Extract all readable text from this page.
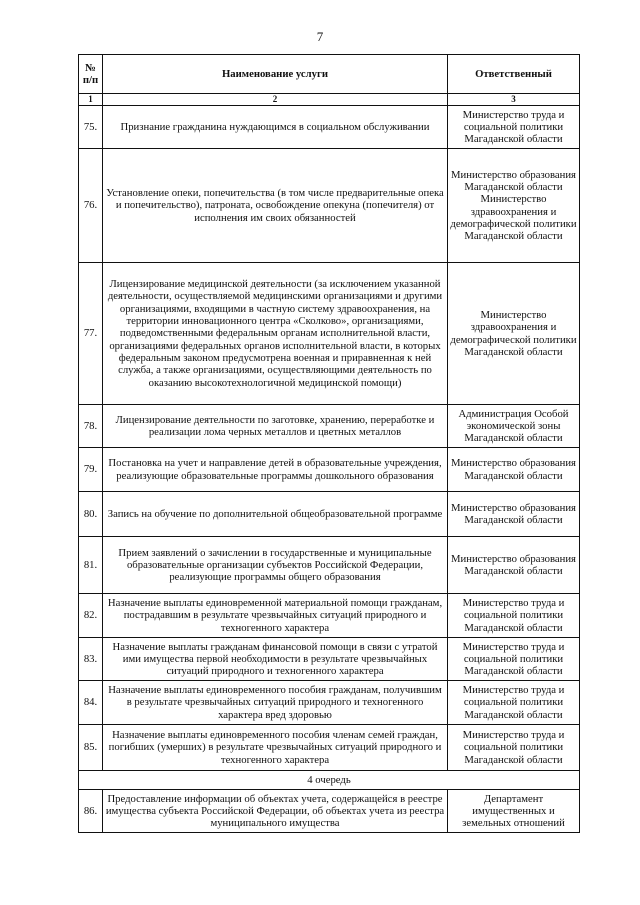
7
№ п/п	Наименование услуги	Ответственный
1	2	3
75.	Признание гражданина нуждающимся в социальном обслуживании	Министерство труда и социальной политики Магаданской области
76.	Установление опеки, попечительства (в том числе предварительные опека и попечительство), патроната, освобождение опекуна (попечителя) от исполнения им своих обязанностей	Министерство образования Магаданской области Министерство здравоохранения и демографической политики Магаданской области
77.	Лицензирование медицинской деятельности (за исключением указанной деятельности, осуществляемой медицинскими организациями и другими организациями, входящими в частную систему здравоохранения, на территории инновационного центра «Сколково», организациями, подведомственными федеральным органам исполнительной власти, организациями федеральных органов исполнительной власти, в которых федеральным законом предусмотрена военная и приравненная к ней служба, а также организациями, осуществляющими деятельность по оказанию высокотехнологичной медицинской помощи)	Министерство здравоохранения и демографической политики Магаданской области
78.	Лицензирование деятельности по заготовке, хранению, переработке и реализации лома черных металлов и цветных металлов	Администрация Особой экономической зоны Магаданской области
79.	Постановка на учет и направление детей в образовательные учреждения, реализующие образовательные программы дошкольного образования	Министерство образования Магаданской области
80.	Запись на обучение по дополнительной общеобразовательной программе	Министерство образования Магаданской области
81.	Прием заявлений о зачислении в государственные и муниципальные образовательные организации субъектов Российской Федерации, реализующие программы общего образования	Министерство образования Магаданской области
82.	Назначение выплаты единовременной материальной помощи гражданам, пострадавшим в результате чрезвычайных ситуаций природного и техногенного характера	Министерство труда и социальной политики Магаданской области
83.	Назначение выплаты гражданам финансовой помощи в связи с утратой ими имущества первой необходимости в результате чрезвычайных ситуаций природного и техногенного характера	Министерство труда и социальной политики Магаданской области
84.	Назначение выплаты единовременного пособия гражданам, получившим в результате чрезвычайных ситуаций природного и техногенного характера вред здоровью	Министерство труда и социальной политики Магаданской области
85.	Назначение выплаты единовременного пособия членам семей граждан, погибших (умерших) в результате чрезвычайных ситуаций природного и техногенного характера	Министерство труда и социальной политики Магаданской области
4 очередь		
86.	Предоставление информации об объектах учета, содержащейся в реестре имущества субъекта Российской Федерации, об объектах учета из реестра муниципального имущества	Департамент имущественных и земельных отношений
